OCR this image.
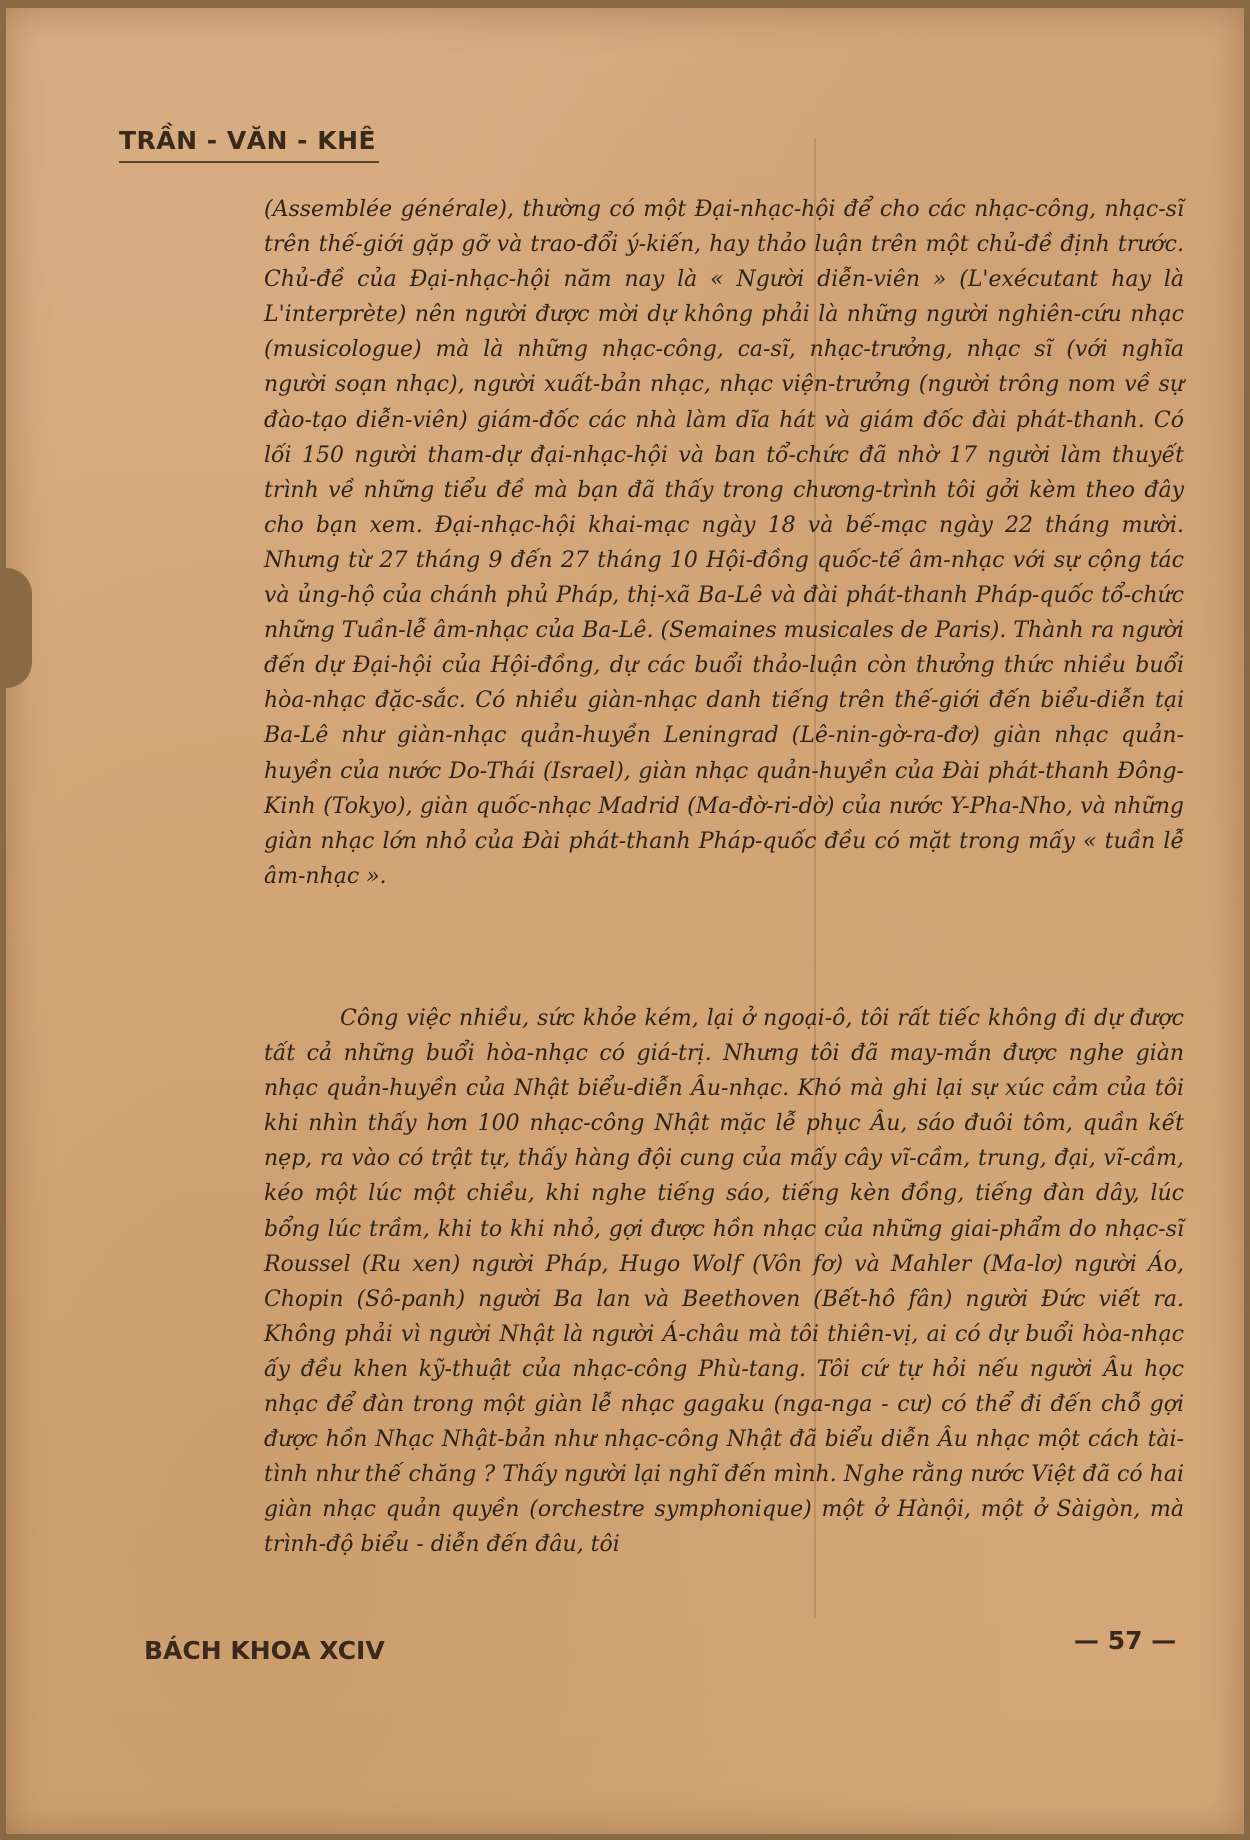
TRẦN - VĂN - KHÊ

(Assemblée générale), thường có một Đại-nhạc-hội để cho các nhạc-công, nhạc-sĩ trên thế-giới gặp gỡ và trao-đổi ý-kiến, hay thảo luận trên một chủ-đề định trước. Chủ-đề của Đại-nhạc-hội năm nay là « Người diễn-viên » (L'exécutant hay là L'interprète) nên người được mời dự không phải là những người nghiên-cứu nhạc (musicologue) mà là những nhạc-công, ca-sĩ, nhạc-trưởng, nhạc sĩ (với nghĩa người soạn nhạc), người xuất-bản nhạc, nhạc viện-trưởng (người trông nom về sự đào-tạo diễn-viên) giám-đốc các nhà làm dĩa hát và giám đốc đài phát-thanh. Có lối 150 người tham-dự đại-nhạc-hội và ban tổ-chức đã nhờ 17 người làm thuyết trình về những tiểu đề mà bạn đã thấy trong chương-trình tôi gởi kèm theo đây cho bạn xem. Đại-nhạc-hội khai-mạc ngày 18 và bế-mạc ngày 22 tháng mười. Nhưng từ 27 tháng 9 đến 27 tháng 10 Hội-đồng quốc-tế âm-nhạc với sự cộng tác và ủng-hộ của chánh phủ Pháp, thị-xã Ba-Lê và đài phát-thanh Pháp-quốc tổ-chức những Tuần-lễ âm-nhạc của Ba-Lê. (Semaines musicales de Paris). Thành ra người đến dự Đại-hội của Hội-đồng, dự các buổi thảo-luận còn thưởng thức nhiều buổi hòa-nhạc đặc-sắc. Có nhiều giàn-nhạc danh tiếng trên thế-giới đến biểu-diễn tại Ba-Lê như giàn-nhạc quản-huyền Leningrad (Lê-nin-gờ-ra-đơ) giàn nhạc quản-huyền của nước Do-Thái (Israel), giàn nhạc quản-huyền của Đài phát-thanh Đông-Kinh (Tokyo), giàn quốc-nhạc Madrid (Ma-đờ-ri-dờ) của nước Y-Pha-Nho, và những giàn nhạc lớn nhỏ của Đài phát-thanh Pháp-quốc đều có mặt trong mấy « tuần lễ âm-nhạc ».

Công việc nhiều, sức khỏe kém, lại ở ngoại-ô, tôi rất tiếc không đi dự được tất cả những buổi hòa-nhạc có giá-trị. Nhưng tôi đã may-mắn được nghe giàn nhạc quản-huyền của Nhật biểu-diễn Âu-nhạc. Khó mà ghi lại sự xúc cảm của tôi khi nhìn thấy hơn 100 nhạc-công Nhật mặc lễ phục Âu, sáo đuôi tôm, quần kết nẹp, ra vào có trật tự, thấy hàng đội cung của mấy cây vĩ-cầm, trung, đại, vĩ-cầm, kéo một lúc một chiều, khi nghe tiếng sáo, tiếng kèn đồng, tiếng đàn dây, lúc bổng lúc trầm, khi to khi nhỏ, gợi được hồn nhạc của những giai-phẩm do nhạc-sĩ Roussel (Ru xen) người Pháp, Hugo Wolf (Vôn fơ) và Mahler (Ma-lơ) người Áo, Chopin (Sô-panh) người Ba lan và Beethoven (Bết-hô fân) người Đức viết ra. Không phải vì người Nhật là người Á-châu mà tôi thiên-vị, ai có dự buổi hòa-nhạc ấy đều khen kỹ-thuật của nhạc-công Phù-tang. Tôi cứ tự hỏi nếu người Âu học nhạc để đàn trong một giàn lễ nhạc gagaku (nga-nga - cư) có thể đi đến chỗ gợi được hồn Nhạc Nhật-bản như nhạc-công Nhật đã biểu diễn Âu nhạc một cách tài-tình như thế chăng ? Thấy người lại nghĩ đến mình. Nghe rằng nước Việt đã có hai giàn nhạc quản quyền (orchestre symphonique) một ở Hànội, một ở Sàigòn, mà trình-độ biểu - diễn đến đâu, tôi

BÁCH KHOA XCIV	— 57 —
